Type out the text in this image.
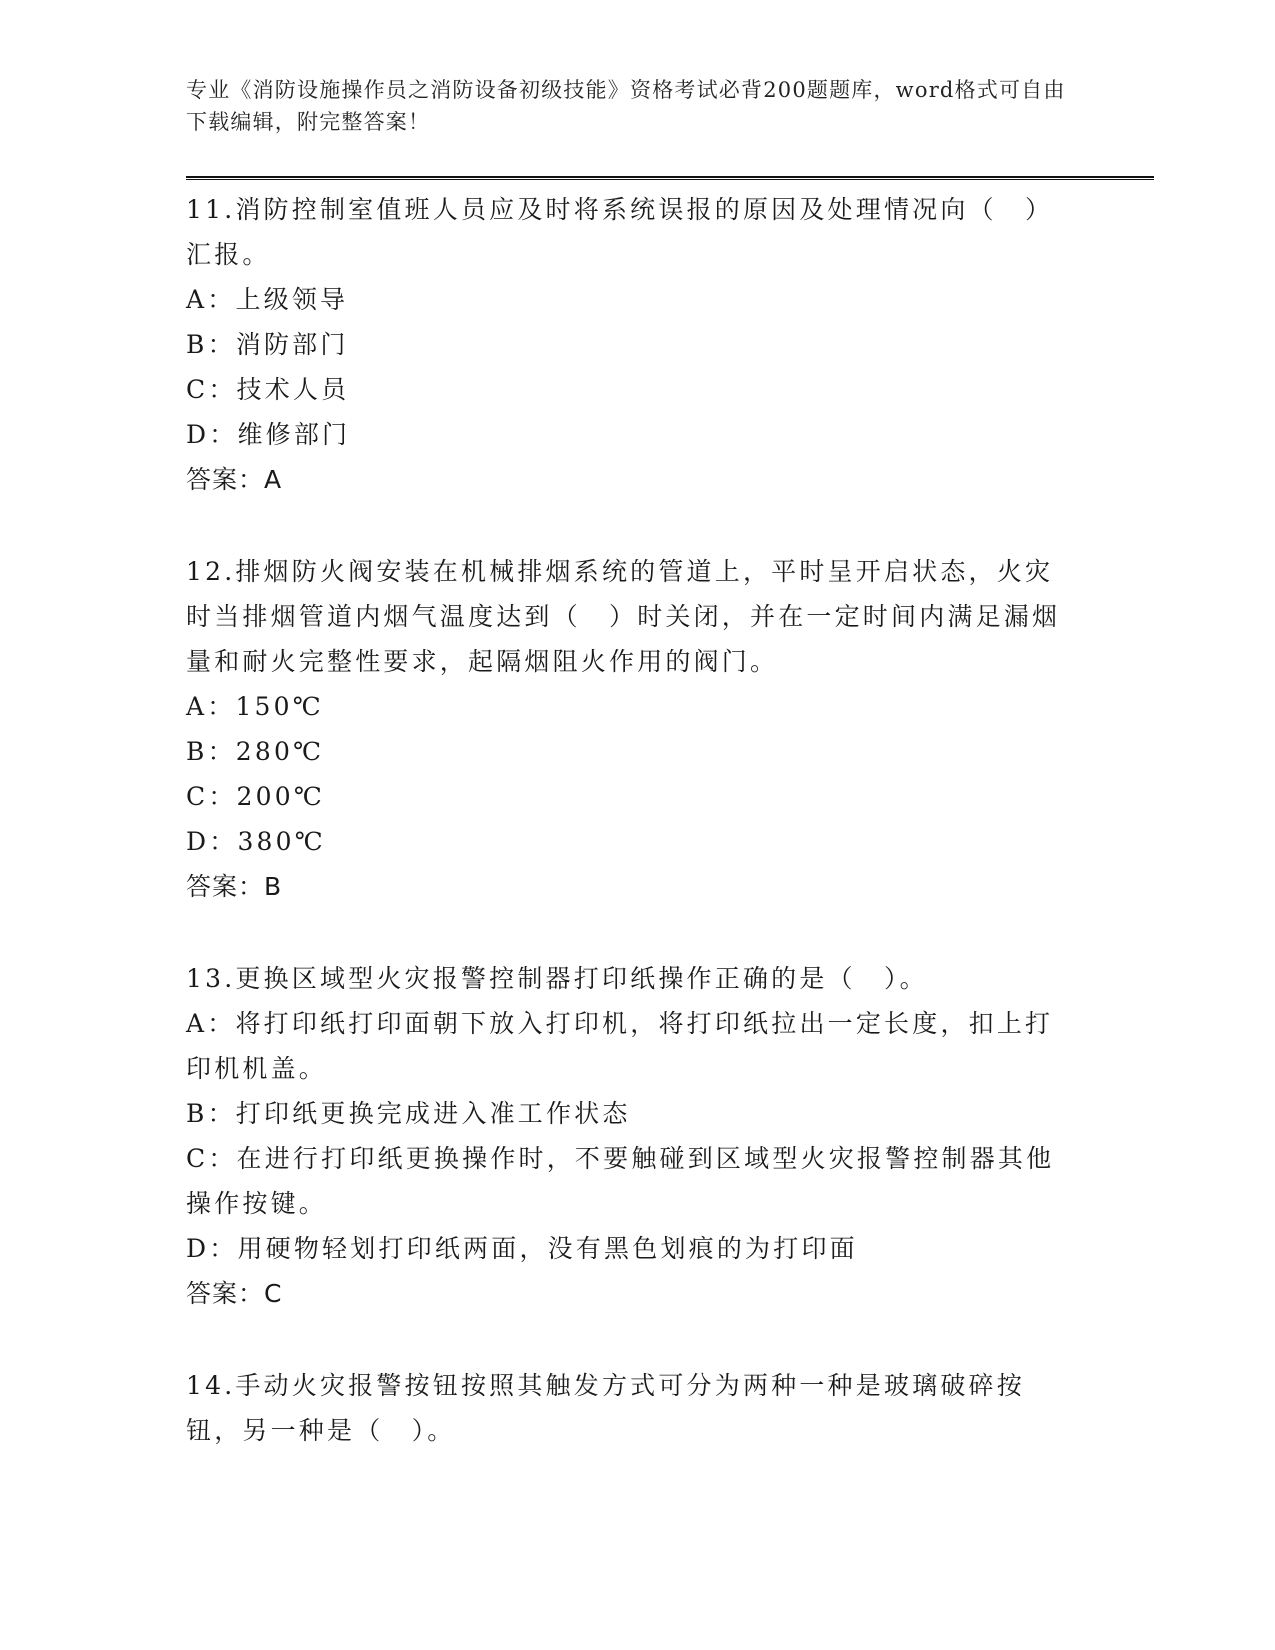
专业《消防设施操作员之消防设备初级技能》资格考试必背200题题库，word格式可自由下载编辑，附完整答案！

11.消防控制室值班人员应及时将系统误报的原因及处理情况向（　）汇报。

A：上级领导

B：消防部门

C：技术人员

D：维修部门

答案：A

12.排烟防火阀安装在机械排烟系统的管道上，平时呈开启状态，火灾时当排烟管道内烟气温度达到（　）时关闭，并在一定时间内满足漏烟量和耐火完整性要求，起隔烟阻火作用的阀门。

A：150℃

B：280℃

C：200℃

D：380℃

答案：B

13.更换区域型火灾报警控制器打印纸操作正确的是（　）。

A：将打印纸打印面朝下放入打印机，将打印纸拉出一定长度，扣上打印机机盖。

B：打印纸更换完成进入准工作状态

C：在进行打印纸更换操作时，不要触碰到区域型火灾报警控制器其他操作按键。

D：用硬物轻划打印纸两面，没有黑色划痕的为打印面

答案：C

14.手动火灾报警按钮按照其触发方式可分为两种一种是玻璃破碎按钮，另一种是（　）。
